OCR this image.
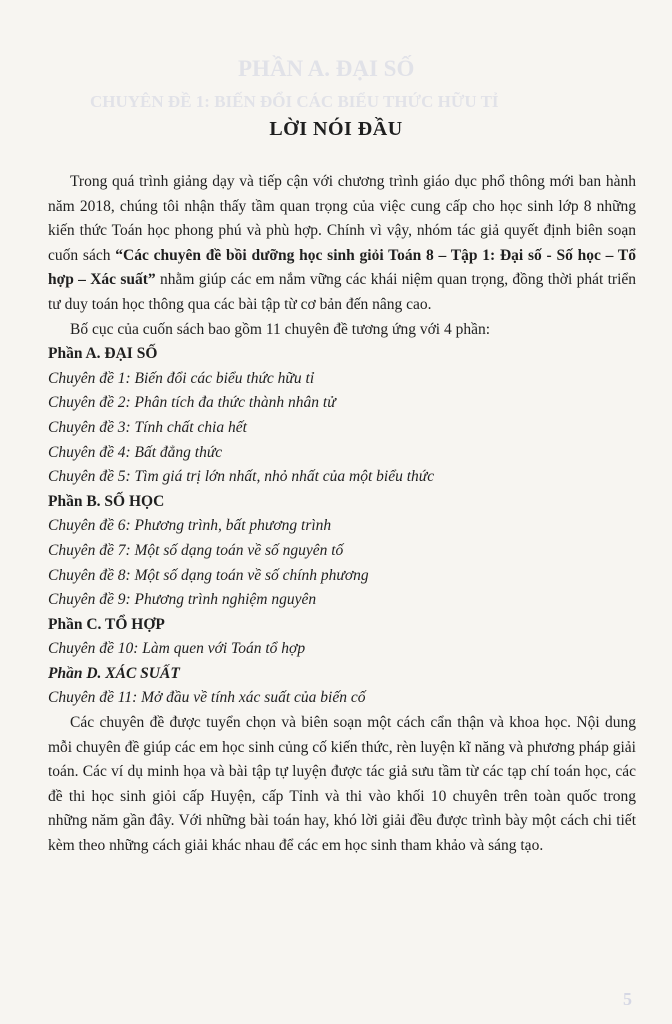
PHẦN A. ĐẠI SỐ
CHUYÊN ĐỀ 1: BIẾN ĐỔI CÁC BIỂU THỨC HỮU TỈ
5
LỜI NÓI ĐẦU

Trong quá trình giảng dạy và tiếp cận với chương trình giáo dục phổ thông mới ban hành năm 2018, chúng tôi nhận thấy tầm quan trọng của việc cung cấp cho học sinh lớp 8 những kiến thức Toán học phong phú và phù hợp. Chính vì vậy, nhóm tác giả quyết định biên soạn cuốn sách “Các chuyên đề bồi dưỡng học sinh giỏi Toán 8 – Tập 1: Đại số - Số học – Tổ hợp – Xác suất” nhằm giúp các em nắm vững các khái niệm quan trọng, đồng thời phát triển tư duy toán học thông qua các bài tập từ cơ bản đến nâng cao.

Bố cục của cuốn sách bao gồm 11 chuyên đề tương ứng với 4 phần:

Phần A. ĐẠI SỐ
Chuyên đề 1: Biến đổi các biểu thức hữu tỉ
Chuyên đề 2: Phân tích đa thức thành nhân tử
Chuyên đề 3: Tính chất chia hết
Chuyên đề 4: Bất đẳng thức
Chuyên đề 5: Tìm giá trị lớn nhất, nhỏ nhất của một biểu thức
Phần B. SỐ HỌC
Chuyên đề 6: Phương trình, bất phương trình
Chuyên đề 7: Một số dạng toán về số nguyên tố
Chuyên đề 8: Một số dạng toán về số chính phương
Chuyên đề 9: Phương trình nghiệm nguyên
Phần C. TỔ HỢP
Chuyên đề 10: Làm quen với Toán tổ hợp
Phần D. XÁC SUẤT
Chuyên đề 11: Mở đầu về tính xác suất của biến cố

Các chuyên đề được tuyển chọn và biên soạn một cách cẩn thận và khoa học. Nội dung mỗi chuyên đề giúp các em học sinh củng cố kiến thức, rèn luyện kĩ năng và phương pháp giải toán. Các ví dụ minh họa và bài tập tự luyện được tác giả sưu tầm từ các tạp chí toán học, các đề thi học sinh giỏi cấp Huyện, cấp Tỉnh và thi vào khối 10 chuyên trên toàn quốc trong những năm gần đây. Với những bài toán hay, khó lời giải đều được trình bày một cách chi tiết kèm theo những cách giải khác nhau để các em học sinh tham khảo và sáng tạo.
